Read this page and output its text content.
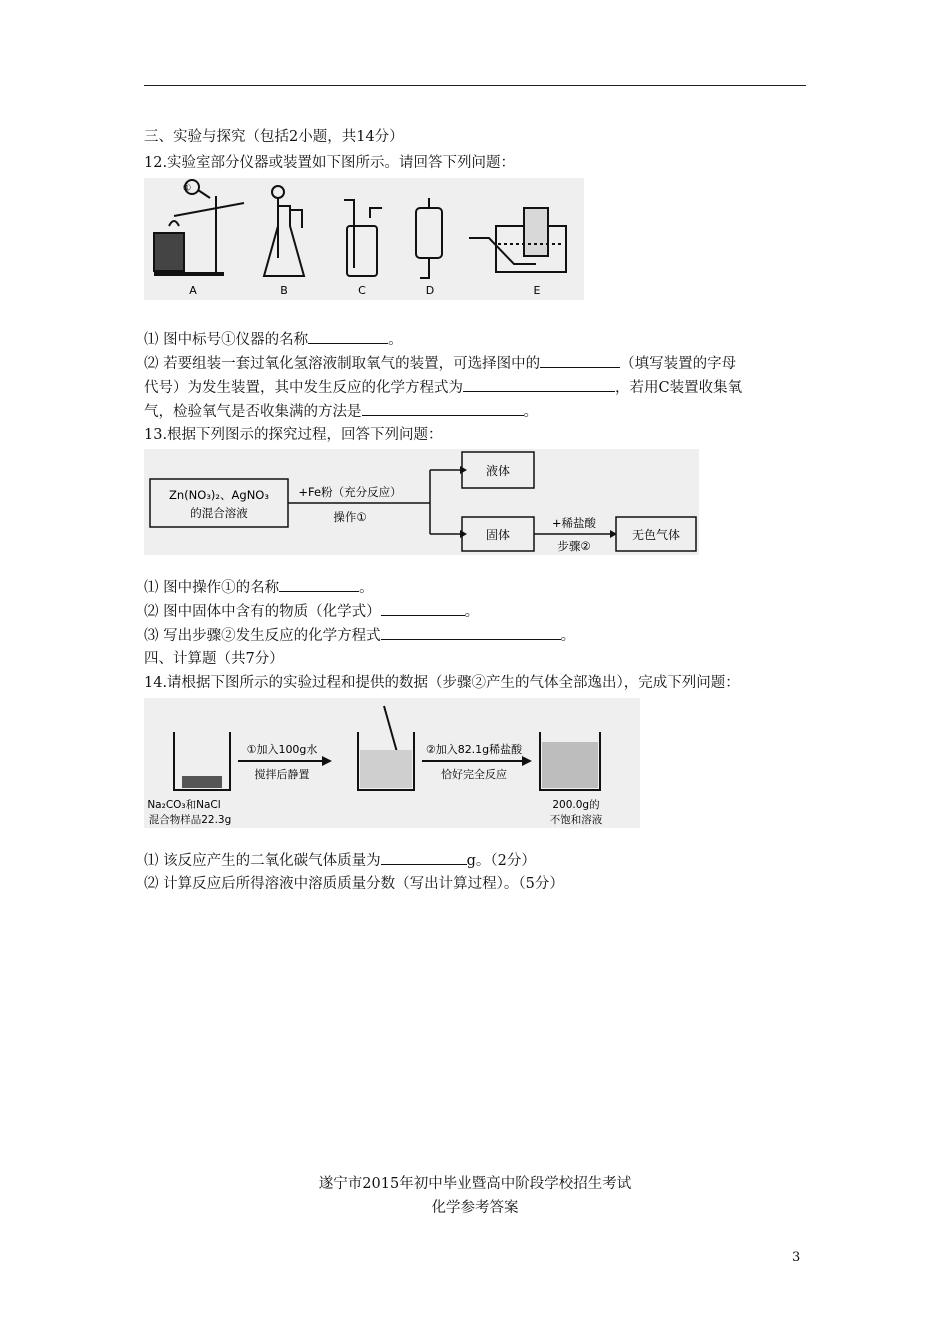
三、实验与探究（包括2小题，共14分）
12.实验室部分仪器或装置如下图所示。请回答下列问题：
①
A	B	C	D	E
⑴ 图中标号①仪器的名称	。
⑵ 若要组装一套过氧化氢溶液制取氧气的装置，可选择图中的	（填写装置的字母
代号）为发生装置，其中发生反应的化学方程式为	，若用C装置收集氧
气，检验氧气是否收集满的方法是	。
13.根据下列图示的探究过程，回答下列问题：
Zn(NO₃)₂、AgNO₃
的混合溶液
+Fe粉（充分反应）
操作①
液体
固体
+稀盐酸
步骤②
无色气体
⑴ 图中操作①的名称	。
⑵ 图中固体中含有的物质（化学式）	。
⑶ 写出步骤②发生反应的化学方程式	。
四、计算题（共7分）
14.请根据下图所示的实验过程和提供的数据（步骤②产生的气体全部逸出），完成下列问题：
①加入100g水
搅拌后静置
②加入82.1g稀盐酸
恰好完全反应
Na₂CO₃和NaCl
混合物样品22.3g
200.0g的
不饱和溶液
⑴ 该反应产生的二氧化碳气体质量为	g。（2分）
⑵ 计算反应后所得溶液中溶质质量分数（写出计算过程）。（5分）
遂宁市2015年初中毕业暨高中阶段学校招生考试
化学参考答案
3
